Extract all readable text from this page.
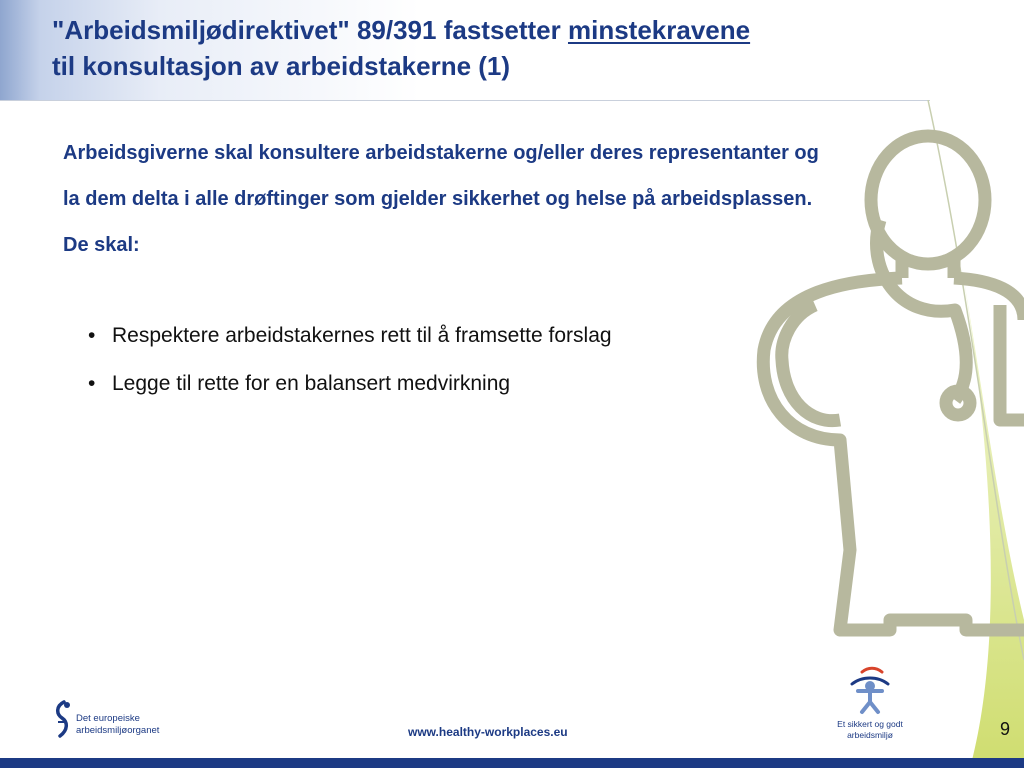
"Arbeidsmiljødirektivet" 89/391 fastsetter minstekravene
til konsultasjon av arbeidstakerne (1)

Arbeidsgiverne skal konsultere arbeidstakerne og/eller deres representanter og la dem delta i alle drøftinger som gjelder sikkerhet og helse på arbeidsplassen. De skal:

• Respektere arbeidstakernes rett til å framsette forslag
• Legge til rette for en balansert medvirkning
Det europeiske
arbeidsmiljøorganet	www.healthy-workplaces.eu
Et sikkert og godt
arbeidsmiljø	9
